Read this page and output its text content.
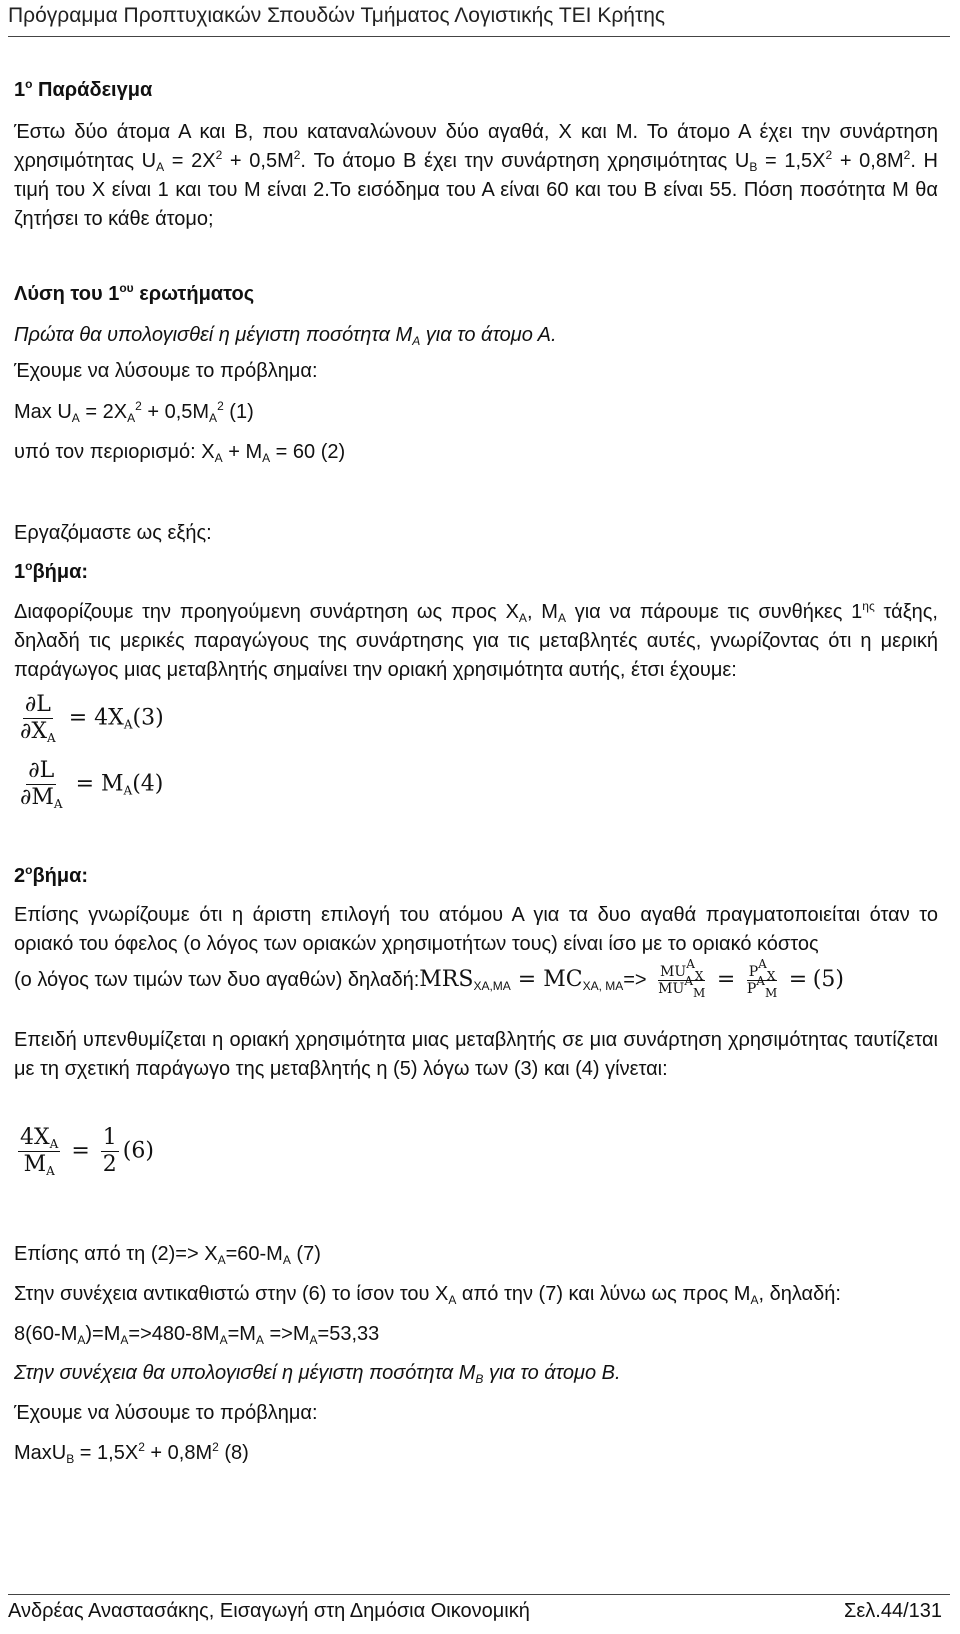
Πρόγραμμα Προπτυχιακών Σπουδών Τμήματος Λογιστικής ΤΕΙ Κρήτης

$1^o$ Παράδειγμα

Έστω δύο άτομα Α και Β, που καταναλώνουν δύο αγαθά, Χ και Μ. Το άτομο Α έχει την συνάρτηση χρησιμότητας $U_A = 2X^2 + 0,5M^2$. Το άτομο Β έχει την συνάρτηση χρησιμότητας $U_B = 1,5X^2 + 0,8M^2$. Η τιμή του Χ είναι 1 και του Μ είναι 2.Το εισόδημα του Α είναι 60 και του Β είναι 55. Πόση ποσότητα Μ θα ζητήσει το κάθε άτομο;

Λύση του $1^{o\upsilon}$ ερωτήματος

Πρώτα θα υπολογισθεί η μέγιστη ποσότητα $M_A$ για το άτομο Α.

Έχουμε να λύσουμε το πρόβλημα:

Max $U_A = 2X_A^2 + 0,5M_A^2$ (1)

υπό τον περιορισμό: $X_A + M_A = 60$ (2)

Εργαζόμαστε ως εξής:

$1^o\beta ή\mu\alpha$:

Διαφορίζουμε την προηγούμενη συνάρτηση ως προς $X_A$, $M_A$ για να πάρουμε τις συνθήκες $1^{\eta\varsigma}$ τάξης, δηλαδή τις μερικές παραγώγους της συνάρτησης για τις μεταβλητές αυτές, γνωρίζοντας ότι η μερική παράγωγος μιας μεταβλητής σημαίνει την οριακή χρησιμότητα αυτής, έτσι έχουμε:

$\frac{\partial L}{\partial X_A} = 4X_A(3)$
$\frac{\partial L}{\partial M_A} = M_A(4)$

$2^o\beta ή\mu\alpha$:

Επίσης γνωρίζουμε ότι η άριστη επιλογή του ατόμου Α για τα δυο αγαθά πραγματοποιείται όταν το οριακό του όφελος (ο λόγος των οριακών χρησιμοτήτων τους) είναι ίσο με το οριακό κόστος

(ο λόγος των τιμών των δυο αγαθών) $\delta\eta\lambda\alpha\delta ή:MRS_{XA,MA} = MC_{XA, MA}=> \frac{MU^A_X}{MU^A_M} = \frac{P^A_X}{P^A_M} = (5)$

Επειδή υπενθυμίζεται η οριακή χρησιμότητα μιας μεταβλητής σε μια συνάρτηση χρησιμότητας ταυτίζεται με τη σχετική παράγωγο της μεταβλητής η (5) λόγω των (3) και (4) γίνεται:

$\frac{4X_A}{M_A} = \frac{1}{2} (6)$

Επίσης από τη $(2)=> X_A=60-M_A$ (7)

Στην συνέχεια αντικαθιστώ στην (6) το ίσον του $X_A$ από την (7) και λύνω ως προς $M_A$, δηλαδή:

$8(60-M_A)=M_A=>480-8M_A=M_A =>M_A=53,33$

Στην συνέχεια θα υπολογισθεί η μέγιστη ποσότητα $M_B$ για το άτομο Β.

Έχουμε να λύσουμε το πρόβλημα:

MaxU$_B$ = $1,5X^2 + 0,8M^2$ (8)

Ανδρέας Αναστασάκης, Εισαγωγή στη Δημόσια Οικονομική	Σελ.44/131
